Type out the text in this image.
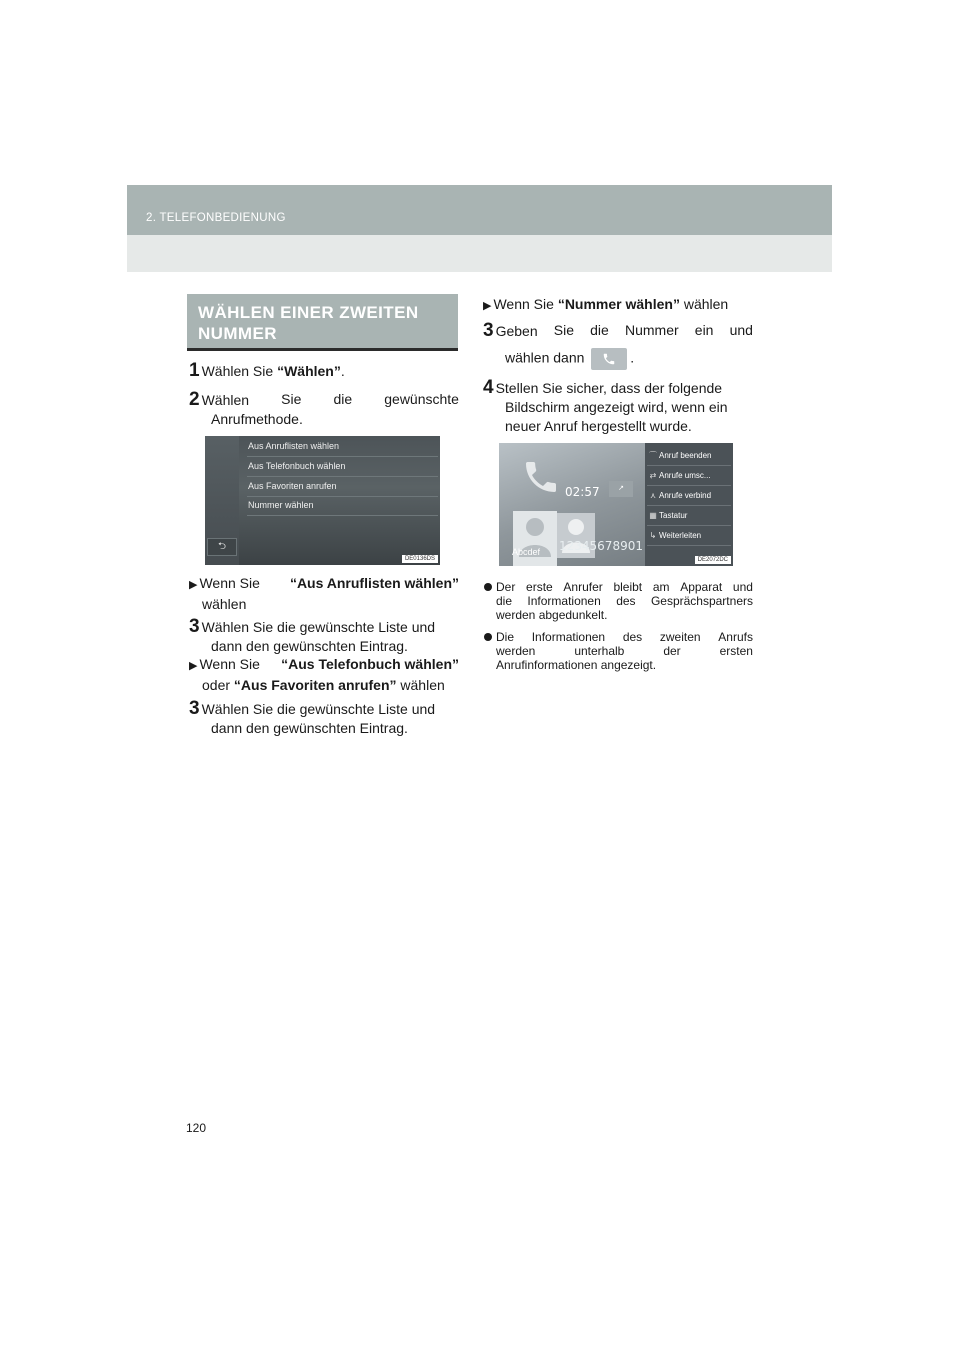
2. TELEFONBEDIENUNG
WÄHLEN EINER ZWEITEN
NUMMER
1 Wählen Sie “Wählen”.
2 Wählen Sie die gewünschte
Anrufmethode.
Aus Anruflisten wählen
Aus Telefonbuch wählen
Aus Favoriten anrufen
Nummer wählen
⮌
DE0136DS
▶ Wenn Sie “Aus Anruflisten wählen”
wählen
3 Wählen Sie die gewünschte Liste und
dann den gewünschten Eintrag.
▶ Wenn Sie “Aus Telefonbuch wählen”
oder “Aus Favoriten anrufen” wählen
3 Wählen Sie die gewünschte Liste und
dann den gewünschten Eintrag.
▶ Wenn Sie “Nummer wählen” wählen
3 Geben Sie die Nummer ein und
wählen dann	.
4 Stellen Sie sicher, dass der folgende
Bildschirm angezeigt wird, wenn ein
neuer Anruf hergestellt wurde.
02:57	↗
Abcdef 12345678901
⌒ Anruf beenden
⇄ Anrufe umsc...
⋏ Anrufe verbind
▦ Tastatur
↳ Weiterleiten
DE2072DC
Der erste Anrufer bleibt am Apparat und
die Informationen des Gesprächspartners
werden abgedunkelt.
Die Informationen des zweiten Anrufs
werden	unterhalb	der	ersten
Anrufinformationen angezeigt.
120
